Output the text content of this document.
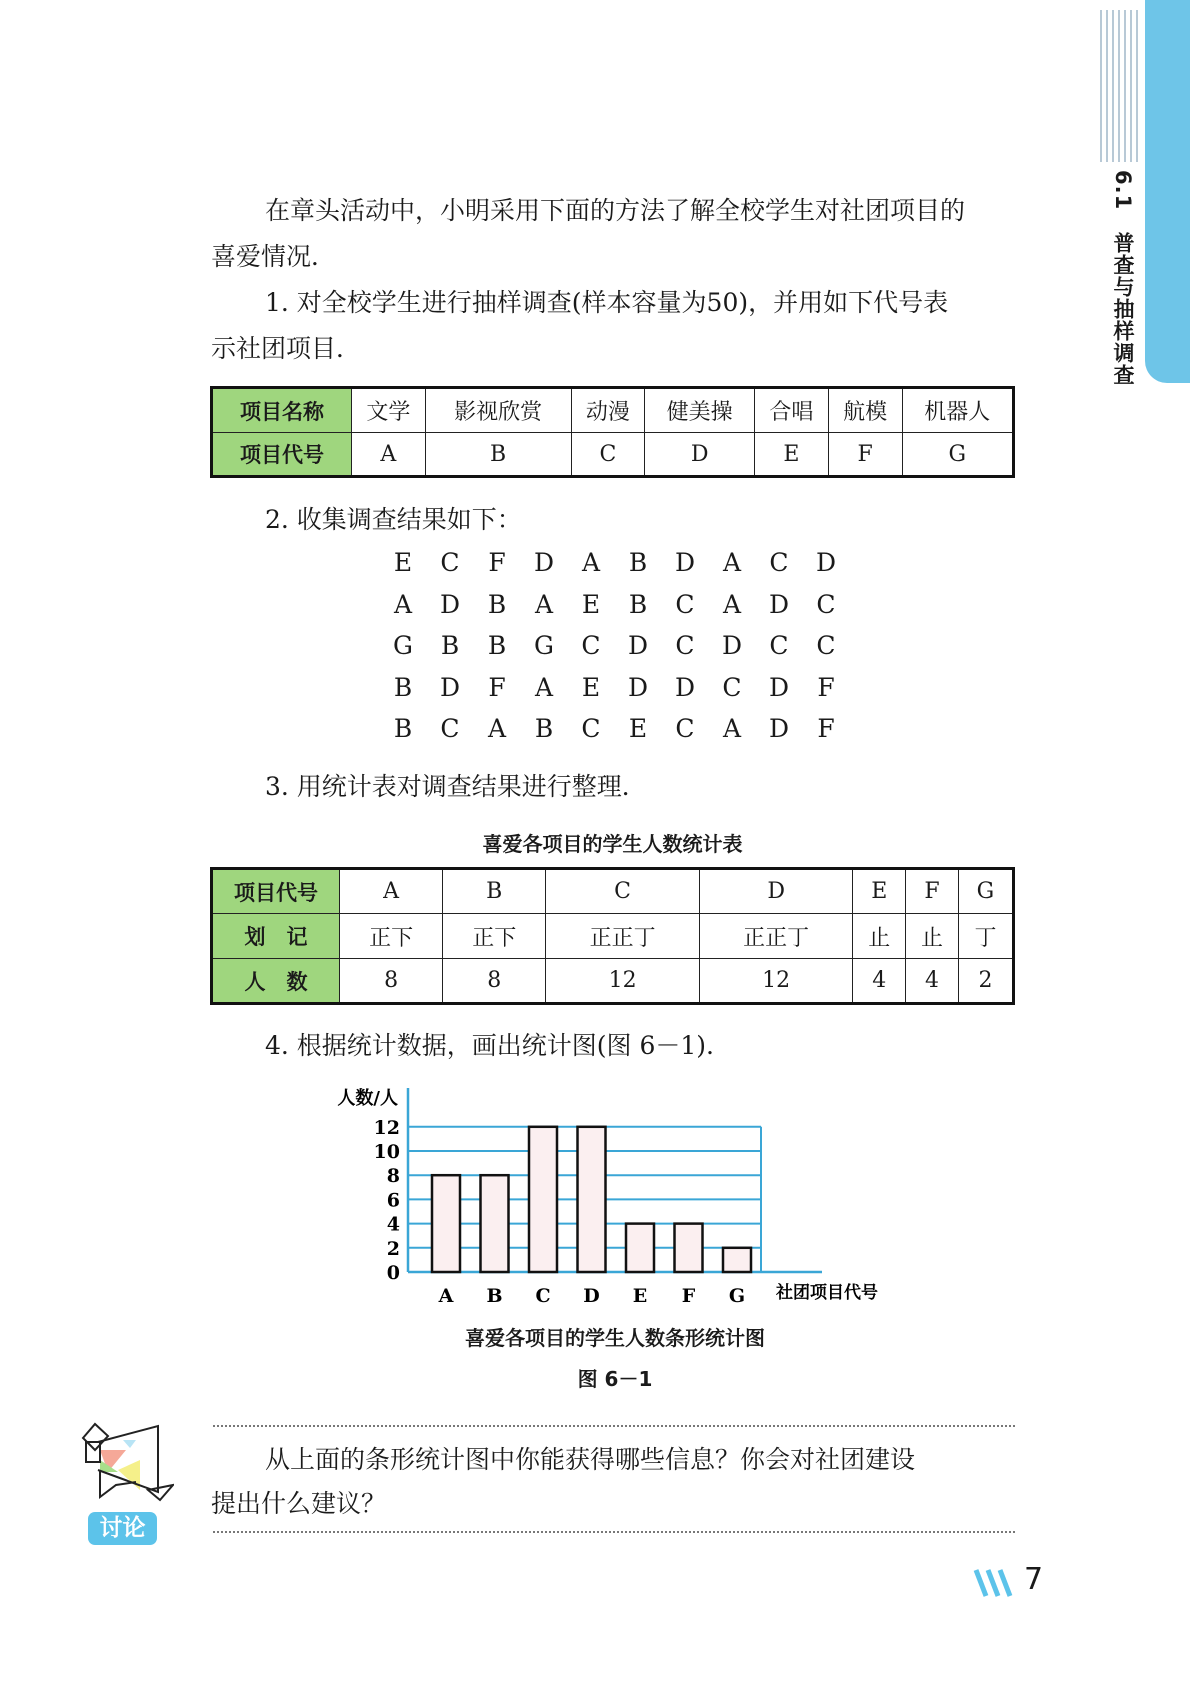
6.1　普查与抽样调查
在章头活动中，小明采用下面的方法了解全校学生对社团项目的
喜爱情况．
1. 对全校学生进行抽样调查(样本容量为50)，并用如下代号表
示社团项目．
项目名称	文学	影视欣赏	动漫	健美操	合唱	航模	机器人
项目代号	A	B	C	D	E	F	G
2. 收集调查结果如下：
E C F D A B D A C D
A D B A E B C A D C
G B B G C D C D C C
B D F A E D D C D F
B C A B C E C A D F
3. 用统计表对调查结果进行整理．
喜爱各项目的学生人数统计表
项目代号	A	B	C	D	E	F	G
划　记	正下	正下	正正丁	正正丁	止	止	丁
人　数	8	8	12	12	4	4	2
4. 根据统计数据，画出统计图(图 6－1)．
人数/人
社团项目代号
0
2
4
6
8
10
12
A B C D E F G
喜爱各项目的学生人数条形统计图
图 6－1
从上面的条形统计图中你能获得哪些信息？你会对社团建设
提出什么建议？
讨论
7
